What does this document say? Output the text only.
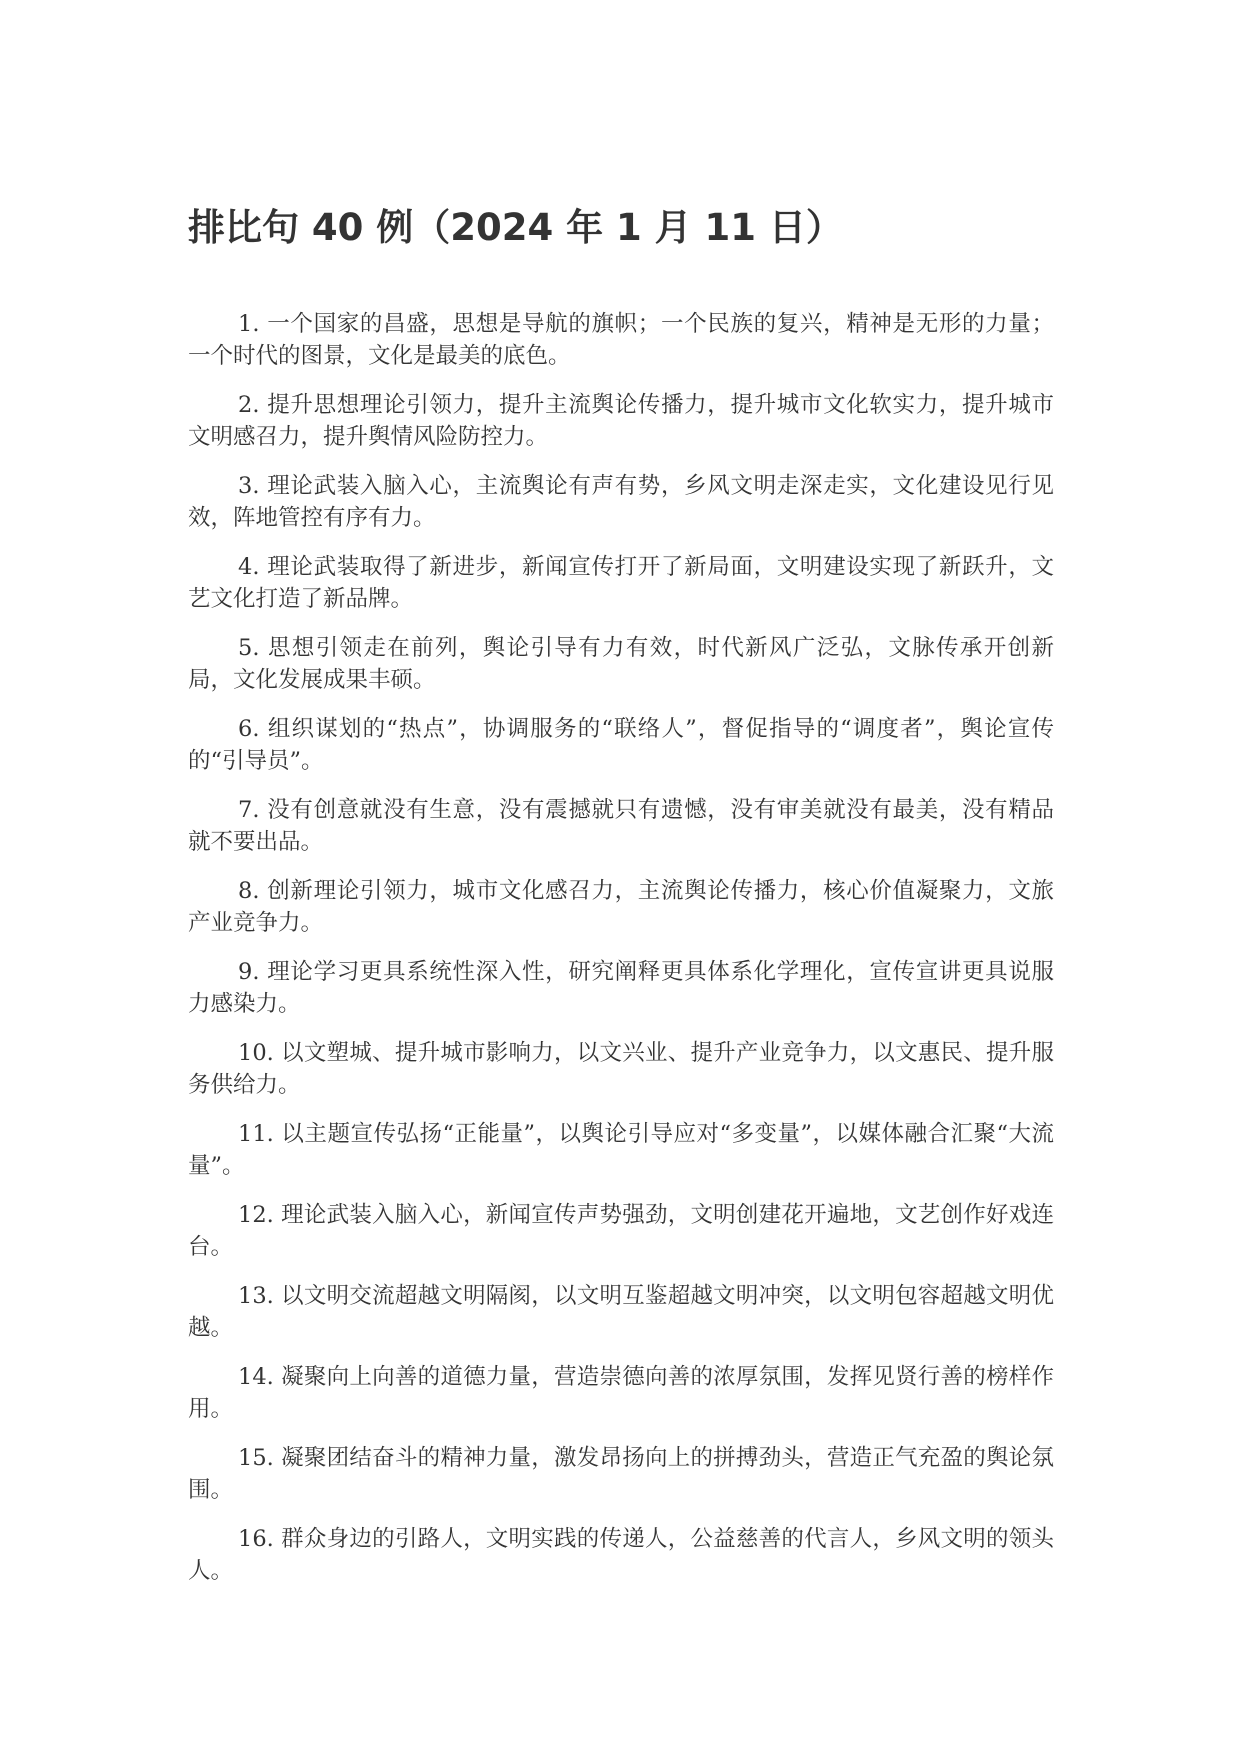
排比句 40 例（2024 年 1 月 11 日）

1. 一个国家的昌盛，思想是导航的旗帜；一个民族的复兴，精神是无形的力量；一个时代的图景，文化是最美的底色。

2. 提升思想理论引领力，提升主流舆论传播力，提升城市文化软实力，提升城市文明感召力，提升舆情风险防控力。

3. 理论武装入脑入心，主流舆论有声有势，乡风文明走深走实，文化建设见行见效，阵地管控有序有力。

4. 理论武装取得了新进步，新闻宣传打开了新局面，文明建设实现了新跃升，文艺文化打造了新品牌。

5. 思想引领走在前列，舆论引导有力有效，时代新风广泛弘，文脉传承开创新局，文化发展成果丰硕。

6. 组织谋划的“热点”，协调服务的“联络人”，督促指导的“调度者”，舆论宣传的“引导员”。

7. 没有创意就没有生意，没有震撼就只有遗憾，没有审美就没有最美，没有精品就不要出品。

8. 创新理论引领力，城市文化感召力，主流舆论传播力，核心价值凝聚力，文旅产业竞争力。

9. 理论学习更具系统性深入性，研究阐释更具体系化学理化，宣传宣讲更具说服力感染力。

10. 以文塑城、提升城市影响力，以文兴业、提升产业竞争力，以文惠民、提升服务供给力。

11. 以主题宣传弘扬“正能量”，以舆论引导应对“多变量”，以媒体融合汇聚“大流量”。

12. 理论武装入脑入心，新闻宣传声势强劲，文明创建花开遍地，文艺创作好戏连台。

13. 以文明交流超越文明隔阂，以文明互鉴超越文明冲突，以文明包容超越文明优越。

14. 凝聚向上向善的道德力量，营造崇德向善的浓厚氛围，发挥见贤行善的榜样作用。

15. 凝聚团结奋斗的精神力量，激发昂扬向上的拼搏劲头，营造正气充盈的舆论氛围。

16. 群众身边的引路人，文明实践的传递人，公益慈善的代言人，乡风文明的领头人。
